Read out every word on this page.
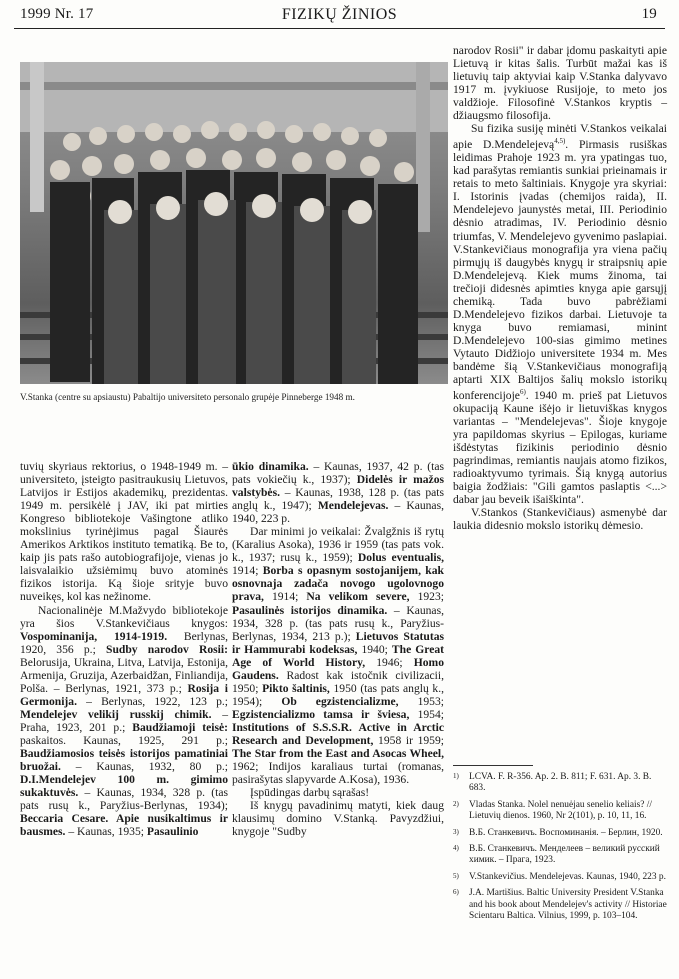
1999 Nr. 17	FIZIKŲ ŽINIOS	19
V.Stanka (centre su apsiaustu) Pabaltijo universiteto personalo grupėje Pinneberge 1948 m.

tuvių skyriaus rektorius, o 1948-1949 m. – universiteto, įsteigto pasitraukusių Lietuvos, Latvijos ir Estijos akademikų, prezidentas. 1949 m. persikėlė į JAV, iki pat mirties Kongreso bibliotekoje Vašingtone atliko mokslinius tyrinėjimus pagal Šiaurės Amerikos Arktikos instituto tematiką. Be to, kaip jis pats rašo autobiografijoje, vienas jo laisvalaikio užsiėmimų buvo atominės fizikos istorija. Ką šioje srityje buvo nuveikęs, kol kas nežinome.

Nacionalinėje M.Mažvydo bibliotekoje yra šios V.Stankevičiaus knygos: Vospominanija, 1914-1919. Berlynas, 1920, 356 p.; Sudby narodov Rosii: Belorusija, Ukraina, Litva, Latvija, Estonija, Armenija, Gruzija, Azerbaidžan, Finliandija, Polša. – Berlynas, 1921, 373 p.; Rosija i Germonija. – Berlynas, 1922, 123 p.; Mendelejev velikij russkij chimik. – Praha, 1923, 201 p.; Baudžiamoji teisė: paskaitos. Kaunas, 1925, 291 p.; Baudžiamosios teisės istorijos pamatiniai bruožai. – Kaunas, 1932, 80 p.; D.I.Mendelejev 100 m. gimimo sukaktuvės. – Kaunas, 1934, 328 p. (tas pats rusų k., Paryžius-Berlynas, 1934); Beccaria Cesare. Apie nusikaltimus ir bausmes. – Kaunas, 1935; Pasaulinio

ūkio dinamika. – Kaunas, 1937, 42 p. (tas pats vokiečių k., 1937); Didelės ir mažos valstybės. – Kaunas, 1938, 128 p. (tas pats anglų k., 1947); Mendelejevas. – Kaunas, 1940, 223 p.

Dar minimi jo veikalai: Žvalgžnis iš rytų (Karalius Asoka), 1936 ir 1959 (tas pats vok. k., 1937; rusų k., 1959); Dolus eventualis, 1914; Borba s opasnym sostojanijem, kak osnovnaja zadača novogo ugolovnogo prava, 1914; Na velikom severe, 1923; Pasaulinės istorijos dinamika. – Kaunas, 1934, 328 p. (tas pats rusų k., Paryžius-Berlynas, 1934, 213 p.); Lietuvos Statutas ir Hammurabi kodeksas, 1940; The Great Age of World History, 1946; Homo Gaudens. Radost kak istočnik civilizacii, 1950; Pikto šaltinis, 1950 (tas pats anglų k., 1954); Ob egzistencializme, 1953; Egzistencializmo tamsa ir šviesa, 1954; Institutions of S.S.S.R. Active in Arctic Research and Development, 1958 ir 1959; The Star from the East and Asocas Wheel, 1962; Indijos karaliaus turtai (romanas, pasirašytas slapyvarde A.Kosa), 1936.

Įspūdingas darbų sąrašas!

Iš knygų pavadinimų matyti, kiek daug klausimų domino V.Stanką. Pavyzdžiui, knygoje "Sudby

narodov Rosii" ir dabar įdomu paskaityti apie Lietuvą ir kitas šalis. Turbūt mažai kas iš lietuvių taip aktyviai kaip V.Stanka dalyvavo 1917 m. įvykiuose Rusijoje, to meto jos valdžioje. Filosofinė V.Stankos kryptis – džiaugsmo filosofija.

Su fizika susiję minėti V.Stankos veikalai apie D.Mendelejevą$^{4,5)}$. Pirmasis rusiškas leidimas Prahoje 1923 m. yra ypatingas tuo, kad parašytas remiantis sunkiai prieinamais ir retais to meto šaltiniais. Knygoje yra skyriai: I. Istorinis įvadas (chemijos raida), II. Mendelejevo jaunystės metai, III. Periodinio dėsnio atradimas, IV. Periodinio dėsnio triumfas, V. Mendelejevo gyvenimo paslapiai. V.Stankevičiaus monografija yra viena pačių pirmųjų iš daugybės knygų ir straipsnių apie D.Mendelejevą. Kiek mums žinoma, tai trečioji didesnės apimties knyga apie garsųjį chemiką. Tada buvo pabrėžiami D.Mendelejevo fizikos darbai. Lietuvoje ta knyga buvo remiamasi, minint D.Mendelejevo 100-sias gimimo metines Vytauto Didžiojo universitete 1934 m. Mes bandėme šią V.Stankevičiaus monografiją aptarti XIX Baltijos šalių mokslo istorikų konferencijoje$^{6)}$. 1940 m. prieš pat Lietuvos okupaciją Kaune išėjo ir lietuviškas knygos variantas – "Mendelejevas". Šioje knygoje yra papildomas skyrius – Epilogas, kuriame išdėstytas fizikinis periodinio dėsnio pagrindimas, remiantis naujais atomo fizikos, radioaktyvumo tyrimais. Šią knygą autorius baigia žodžiais: "Gili gamtos paslaptis <...> dabar jau beveik išaiškinta".

V.Stankos (Stankevičiaus) asmenybė dar laukia didesnio mokslo istorikų dėmesio.

1)	LCVA. F. R-356. Ap. 2. B. 811; F. 631. Ap. 3. B. 683.
2)	Vladas Stanka. Nolel nenuėjau senelio keliais? // Lietuvių dienos. 1960, Nr 2(101), p. 10, 11, 16.
3)	В.Б. Станкевичъ. Воспоминанія. – Берлин, 1920.
4)	В.Б. Станкевичъ. Менделеев – великий русский химик. – Прага, 1923.
5)	V.Stankevičius. Mendelejevas. Kaunas, 1940, 223 p.
6)	J.A. Martišius. Baltic University President V.Stanka and his book about Mendelejev's activity // Historiae Scientaru Baltica. Vilnius, 1999, p. 103–104.
